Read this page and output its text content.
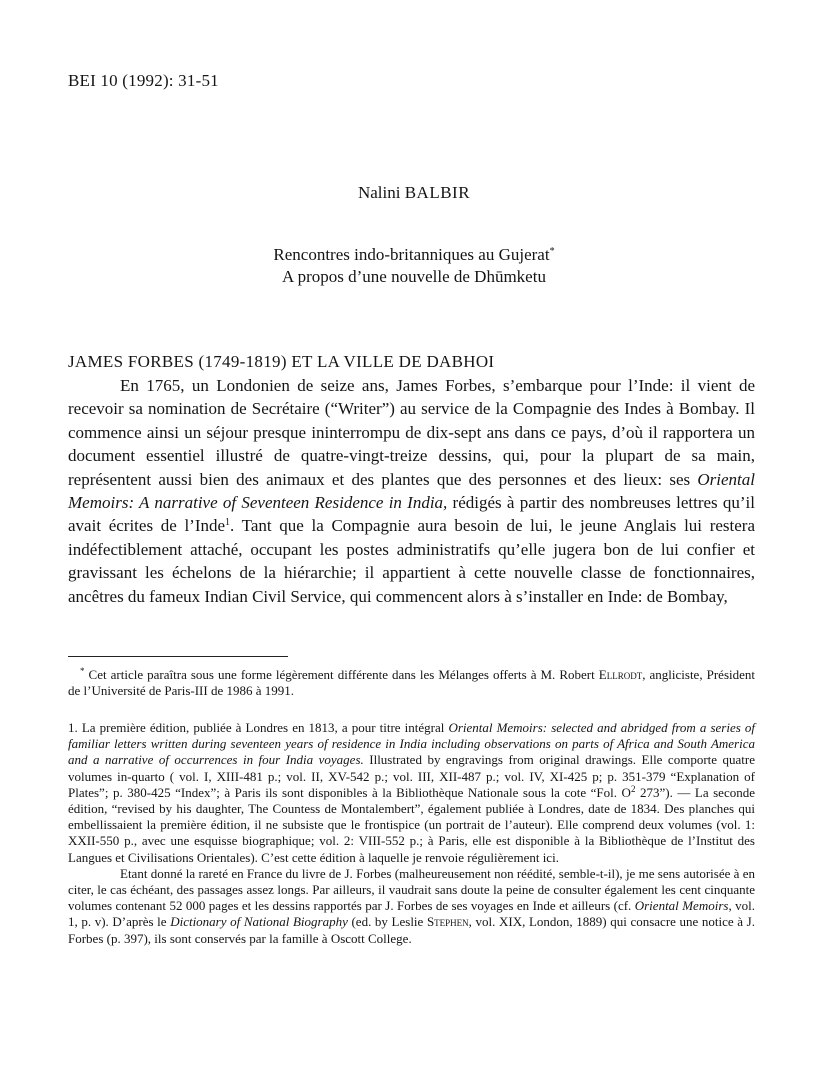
BEI 10 (1992): 31-51
Nalini BALBIR
Rencontres indo-britanniques au Gujerat*
A propos d’une nouvelle de Dhūmketu
JAMES FORBES (1749-1819) ET LA VILLE DE DABHOI

En 1765, un Londonien de seize ans, James Forbes, s’embarque pour l’Inde: il vient de recevoir sa nomination de Secrétaire (“Writer”) au service de la Compagnie des Indes à Bombay. Il commence ainsi un séjour presque ininterrompu de dix-sept ans dans ce pays, d’où il rapportera un document essentiel illustré de quatre-vingt-treize dessins, qui, pour la plupart de sa main, représentent aussi bien des animaux et des plantes que des personnes et des lieux: ses Oriental Memoirs: A narrative of Seventeen Residence in India, rédigés à partir des nombreuses lettres qu’il avait écrites de l’Inde$^1$. Tant que la Compagnie aura besoin de lui, le jeune Anglais lui restera indéfectiblement attaché, occupant les postes administratifs qu’elle jugera bon de lui confier et gravissant les échelons de la hiérarchie; il appartient à cette nouvelle classe de fonctionnaires, ancêtres du fameux Indian Civil Service, qui commencent alors à s’installer en Inde: de Bombay,

* Cet article paraîtra sous une forme légèrement différente dans les Mélanges offerts à M. Robert Ellrodt, angliciste, Président de l’Université de Paris-III de 1986 à 1991.

1. La première édition, publiée à Londres en 1813, a pour titre intégral Oriental Memoirs: selected and abridged from a series of familiar letters written during seventeen years of residence in India including observations on parts of Africa and South America and a narrative of occurrences in four India voyages. Illustrated by engravings from original drawings. Elle comporte quatre volumes in-quarto ( vol. I, XIII-481 p.; vol. II, XV-542 p.; vol. III, XII-487 p.; vol. IV, XI-425 p; p. 351-379 “Explanation of Plates”; p. 380-425 “Index”; à Paris ils sont disponibles à la Bibliothèque Nationale sous la cote “Fol. $O^2$ 273”). — La seconde édition, “revised by his daughter, The Countess de Montalembert”, également publiée à Londres, date de 1834. Des planches qui embellissaient la première édition, il ne subsiste que le frontispice (un portrait de l’auteur). Elle comprend deux volumes (vol. 1: XXII-550 p., avec une esquisse biographique; vol. 2: VIII-552 p.; à Paris, elle est disponible à la Bibliothèque de l’Institut des Langues et Civilisations Orientales). C’est cette édition à laquelle je renvoie régulièrement ici.

Etant donné la rareté en France du livre de J. Forbes (malheureusement non réédité, semble-t-il), je me sens autorisée à en citer, le cas échéant, des passages assez longs. Par ailleurs, il vaudrait sans doute la peine de consulter également les cent cinquante volumes contenant 52 000 pages et les dessins rapportés par J. Forbes de ses voyages en Inde et ailleurs (cf. Oriental Memoirs, vol. 1, p. v). D’après le Dictionary of National Biography (ed. by Leslie Stephen, vol. XIX, London, 1889) qui consacre une notice à J. Forbes (p. 397), ils sont conservés par la famille à Oscott College.
